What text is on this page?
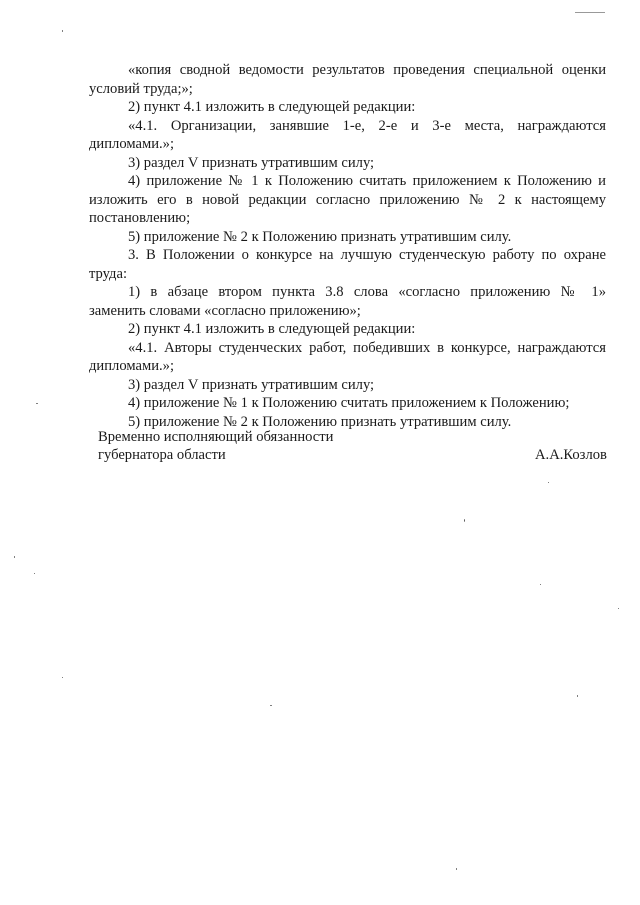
«копия сводной ведомости результатов проведения специальной оценки
условий труда;»;
2) пункт 4.1 изложить в следующей редакции:
«4.1. Организации, занявшие 1-е, 2-е и 3-е места, награждаются
дипломами.»;
3) раздел V признать утратившим силу;
4) приложение № 1 к Положению считать приложением к Положению и
изложить его в новой редакции согласно приложению № 2 к настоящему
постановлению;
5) приложение № 2 к Положению признать утратившим силу.
3. В Положении о конкурсе на лучшую студенческую работу по охране
труда:
1) в абзаце втором пункта 3.8 слова «согласно приложению № 1»
заменить словами «согласно приложению»;
2) пункт 4.1 изложить в следующей редакции:
«4.1. Авторы студенческих работ, победивших в конкурсе, награждаются
дипломами.»;
3) раздел V признать утратившим силу;
4) приложение № 1 к Положению считать приложением к Положению;
5) приложение № 2 к Положению признать утратившим силу.
Временно исполняющий обязанности
губернатора области	А.А.Козлов
